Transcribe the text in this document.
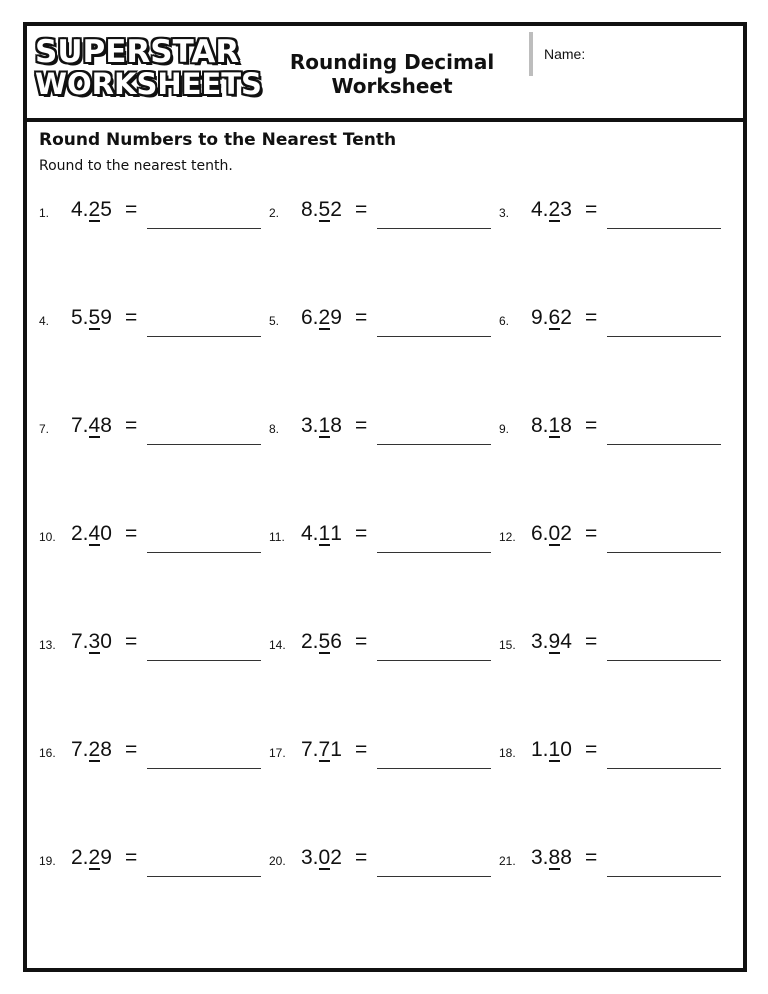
SUPERSTAR
WORKSHEETS
Rounding Decimal
Worksheet
Name:
Round Numbers to the Nearest Tenth
Round to the nearest tenth.
1. 4.25 =	2. 8.52 =	3. 4.23 =
4. 5.59 =	5. 6.29 =	6. 9.62 =
7. 7.48 =	8. 3.18 =	9. 8.18 =
10. 2.40 =	11. 4.11 =	12. 6.02 =
13. 7.30 =	14. 2.56 =	15. 3.94 =
16. 7.28 =	17. 7.71 =	18. 1.10 =
19. 2.29 =	20. 3.02 =	21. 3.88 =
